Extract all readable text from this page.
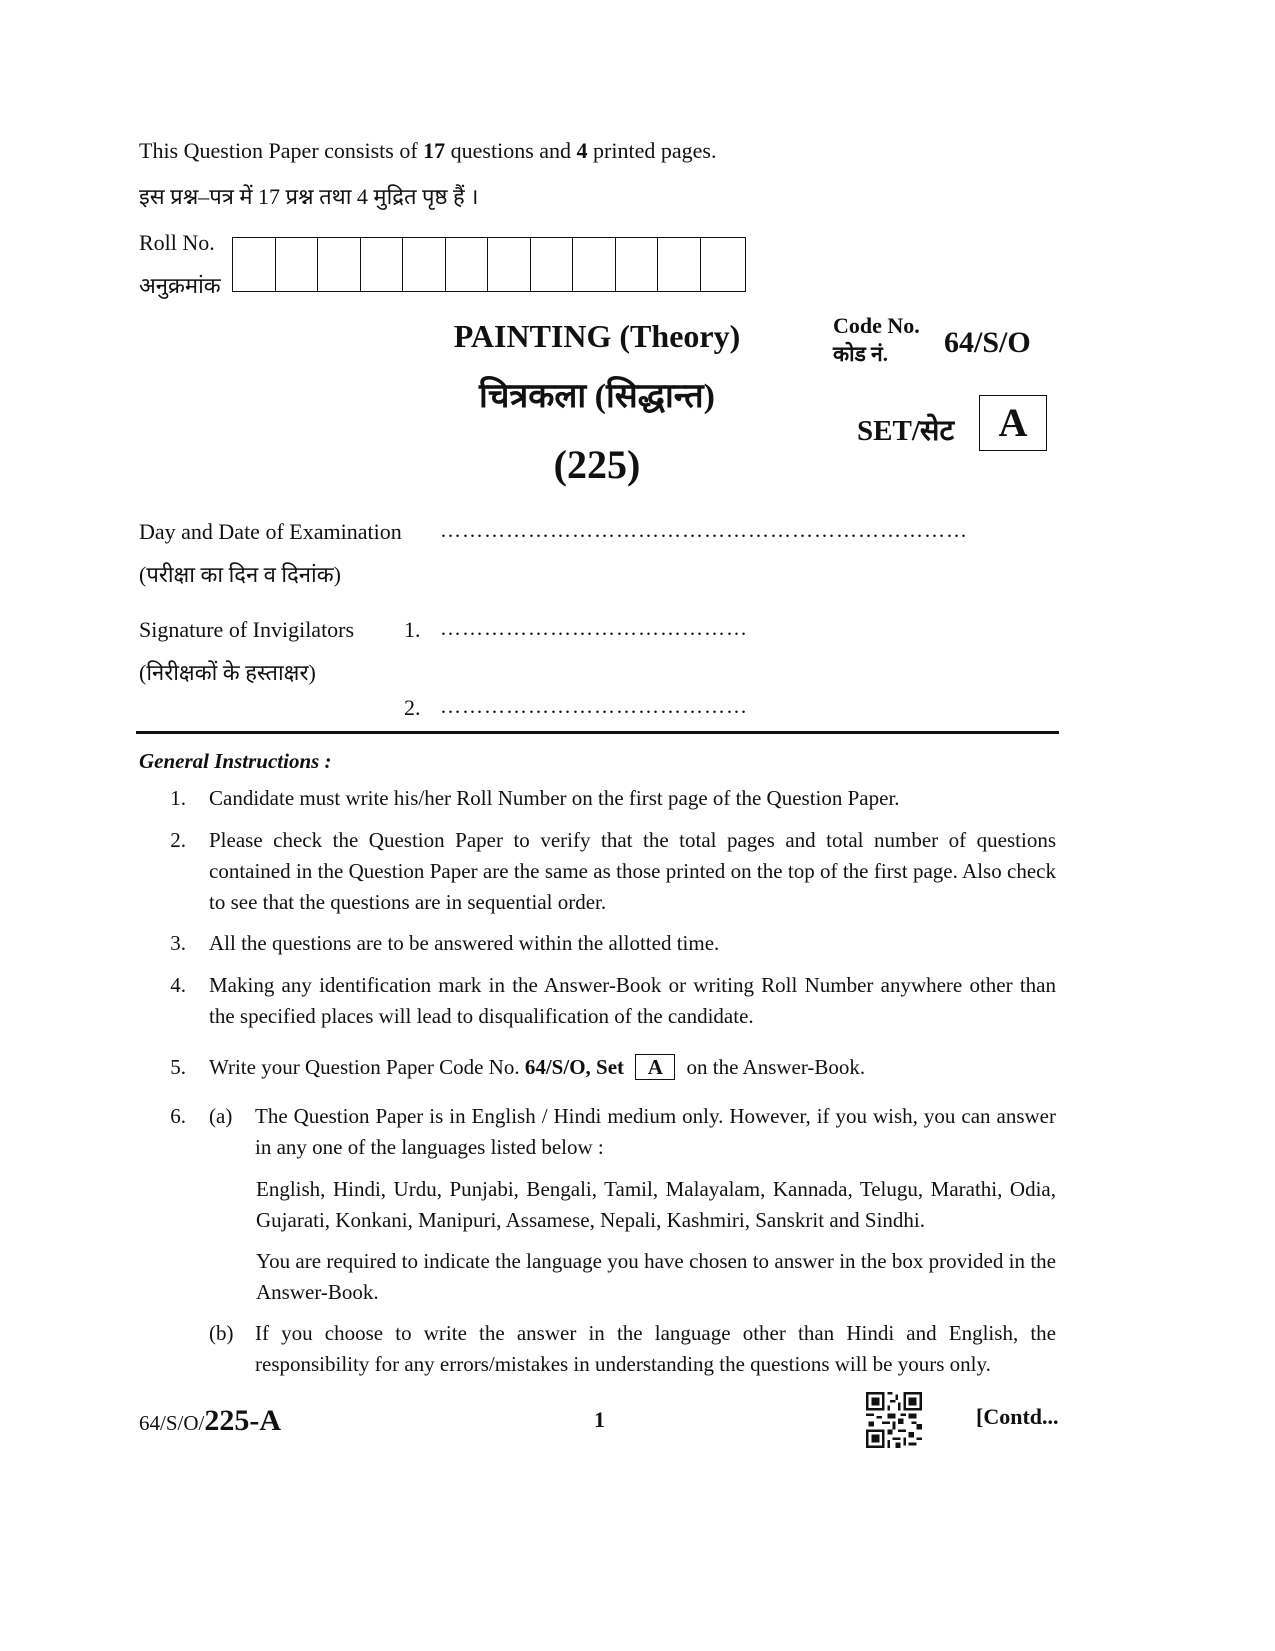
This Question Paper consists of 17 questions and 4 printed pages.
इस प्रश्न–पत्र में 17 प्रश्न तथा 4 मुद्रित पृष्ठ हैं ।
Roll No.
अनुक्रमांक
PAINTING (Theory)
चित्रकला (सिद्धान्त)
(225)
Code No.
कोड नं. 64/S/O
SET/सेट	A
Day and Date of Examination ………………………………………………………………
(परीक्षा का दिन व दिनांक)
Signature of Invigilators 1. ……………………………………
(निरीक्षकों के हस्ताक्षर)
2. ……………………………………
General Instructions :
1. Candidate must write his/her Roll Number on the first page of the Question Paper.
2. Please check the Question Paper to verify that the total pages and total number of questions contained in the Question Paper are the same as those printed on the top of the first page. Also check to see that the questions are in sequential order.
3. All the questions are to be answered within the allotted time.
4. Making any identification mark in the Answer-Book or writing Roll Number anywhere other than the specified places will lead to disqualification of the candidate.
5. Write your Question Paper Code No. 64/S/O, Set A on the Answer-Book.
6. (a)	The Question Paper is in English / Hindi medium only. However, if you wish, you can answer in any one of the languages listed below :
English, Hindi, Urdu, Punjabi, Bengali, Tamil, Malayalam, Kannada, Telugu, Marathi, Odia, Gujarati, Konkani, Manipuri, Assamese, Nepali, Kashmiri, Sanskrit and Sindhi.
You are required to indicate the language you have chosen to answer in the box provided in the Answer-Book.
(b)	If you choose to write the answer in the language other than Hindi and English, the responsibility for any errors/mistakes in understanding the questions will be yours only.
64/S/O/225-A	1	[Contd...
